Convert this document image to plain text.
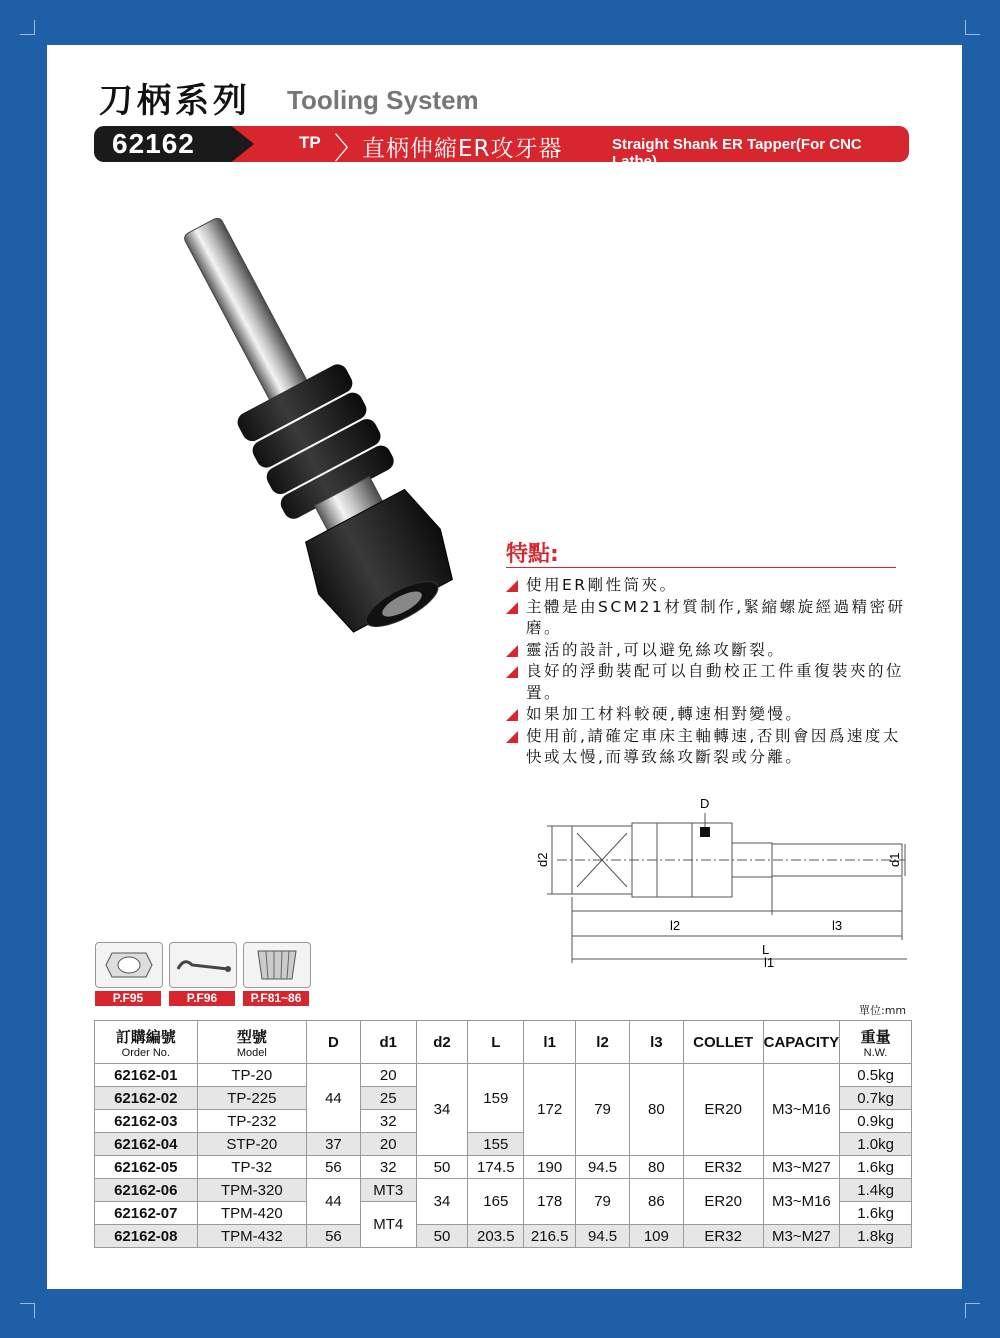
刀柄系列 Tooling System
62162	TP 〉
直柄伸縮ER攻牙器	Straight Shank ER Tapper(For CNC Lathe)
特點:
使用ER剛性筒夾。
主體是由SCM21材質制作,緊縮螺旋經過精密研磨。
靈活的設計,可以避免絲攻斷裂。
良好的浮動裝配可以自動校正工件重復裝夾的位置。
如果加工材料較硬,轉速相對變慢。
使用前,請確定車床主軸轉速,否則會因爲速度太快或太慢,而導致絲攻斷裂或分離。
D
d2	d1
l2	l3
L
l1
P.F95	P.F96	P.F81~86
單位:mm
訂購編號
Order No.	型號
Model	D	d1	d2	L	l1	l2	l3	COLLET	CAPACITY	重量
N.W.

62162-01	TP-20	44	20	34	159	172	79	80	ER20	M3~M16	0.5kg
62162-02	TP-225		25								0.7kg
62162-03	TP-232		32								0.9kg
62162-04	STP-20	37	20		155						1.0kg
62162-05	TP-32	56	32	50	174.5	190	94.5	80	ER32	M3~M27	1.6kg
62162-06	TPM-320	44	MT3	34	165	178	79	86	ER20	M3~M16	1.4kg
62162-07	TPM-420		MT4								1.6kg
62162-08	TPM-432	56		50	203.5	216.5	94.5	109	ER32	M3~M27	1.8kg
